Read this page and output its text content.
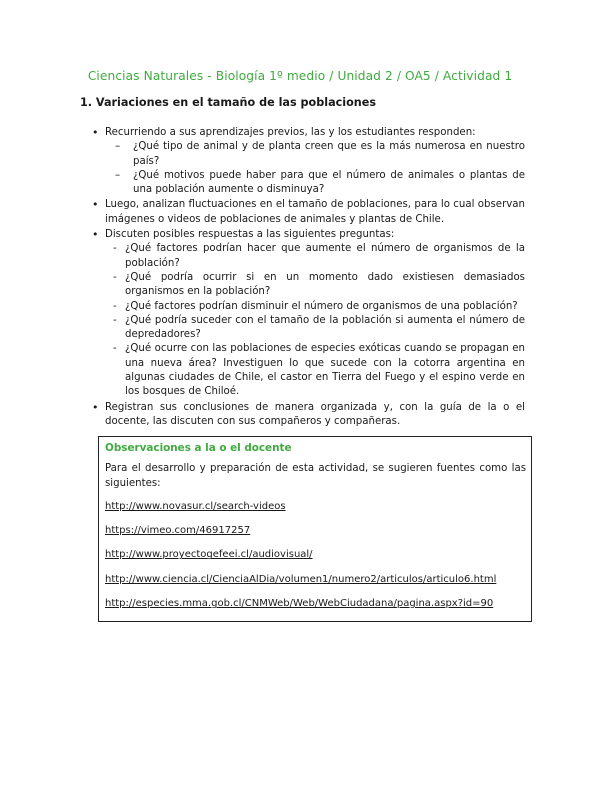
Ciencias Naturales - Biología 1º medio / Unidad 2 / OA5 / Actividad 1
1. Variaciones en el tamaño de las poblaciones
• Recurriendo a sus aprendizajes previos, las y los estudiantes responden:
– ¿Qué tipo de animal y de planta creen que es la más numerosa en nuestro país?
– ¿Qué motivos puede haber para que el número de animales o plantas de una población aumente o disminuya?
• Luego, analizan fluctuaciones en el tamaño de poblaciones, para lo cual observan imágenes o videos de poblaciones de animales y plantas de Chile.
• Discuten posibles respuestas a las siguientes preguntas:
- ¿Qué factores podrían hacer que aumente el número de organismos de la población?
- ¿Qué podría ocurrir si en un momento dado existiesen demasiados organismos en la población?
- ¿Qué factores podrían disminuir el número de organismos de una población?
- ¿Qué podría suceder con el tamaño de la población si aumenta el número de depredadores?
- ¿Qué ocurre con las poblaciones de especies exóticas cuando se propagan en una nueva área? Investiguen lo que sucede con la cotorra argentina en algunas ciudades de Chile, el castor en Tierra del Fuego y el espino verde en los bosques de Chiloé.
• Registran sus conclusiones de manera organizada y, con la guía de la o el docente, las discuten con sus compañeros y compañeras.
Observaciones a la o el docente

Para el desarrollo y preparación de esta actividad, se sugieren fuentes como las siguientes:

http://www.novasur.cl/search-videos
https://vimeo.com/46917257
http://www.proyectogefeei.cl/audiovisual/
http://www.ciencia.cl/CienciaAlDia/volumen1/numero2/articulos/articulo6.html
http://especies.mma.gob.cl/CNMWeb/Web/WebCiudadana/pagina.aspx?id=90
